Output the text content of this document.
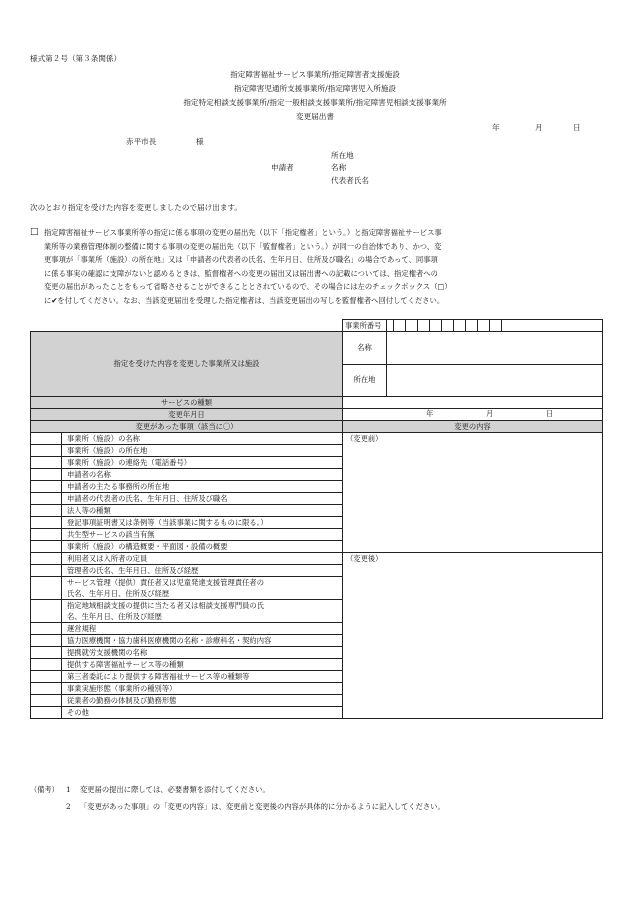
様式第２号（第３条関係）
指定障害福祉サービス事業所/指定障害者支援施設
指定障害児通所支援事業所/指定障害児入所施設
指定特定相談支援事業所/指定一般相談支援事業所/指定障害児相談支援事業所
変更届出書
年	月	日
赤平市長	様
所在地
申請者	名称
代表者氏名
次のとおり指定を受けた内容を変更しましたので届け出ます。
□ 指定障害福祉サービス事業所等の指定に係る事項の変更の届出先（以下「指定権者」という。）と指定障害福祉サービス事
業所等の業務管理体制の整備に関する事項の変更の届出先（以下「監督権者」という。）が同一の自治体であり、かつ、変
更事項が「事業所（施設）の所在地」又は「申請者の代表者の氏名、生年月日、住所及び職名」の場合であって、同事項
に係る事実の確認に支障がないと認めるときは、監督権者への変更の届出又は届出書への記載については、指定権者への
変更の届出があったことをもって省略させることができることとされているので、その場合には左のチェックボックス（□）
に✔を付してください。なお、当該変更届出を受理した指定権者は、当該変更届出の写しを監督権者へ回付してください。
	事業所番号	
指定を受けた内容を変更した事業所又は施設	名称	
	所在地	
サービスの種類		
変更年月日	年 月 日	

変更があった事項（該当に〇）	変更の内容	

事業所（施設）の名称	（変更前）	

事業所（施設）の所在地		

事業所（施設）の連絡先（電話番号）		

申請者の名称		

申請者の主たる事務所の所在地		

申請者の代表者の氏名、生年月日、住所及び職名		

法人等の種類		

登記事項証明書又は条例等（当該事業に関するものに限る。）		

共生型サービスの該当有無		

事業所（施設）の構造概要・平面図・設備の概要		

利用者又は入所者の定員	（変更後）	

管理者の氏名、生年月日、住所及び経歴		

サービス管理（提供）責任者又は児童発達支援管理責任者の
氏名、生年月日、住所及び経歴		

指定地域相談支援の提供に当たる者又は相談支援専門員の氏
名、生年月日、住所及び経歴		

運営規程		

協力医療機関・協力歯科医療機関の名称・診療科名・契約内容		

提携就労支援機関の名称		

提供する障害福祉サービス等の種類		

第三者委託により提供する障害福祉サービス等の種類等		

事業実施形態（事業所の種別等）		

従業者の勤務の体制及び勤務形態		

その他		
（備考） 1 変更届の提出に際しては、必要書類を添付してください。
2 「変更があった事項」の「変更の内容」は、変更前と変更後の内容が具体的に分かるように記入してください。
